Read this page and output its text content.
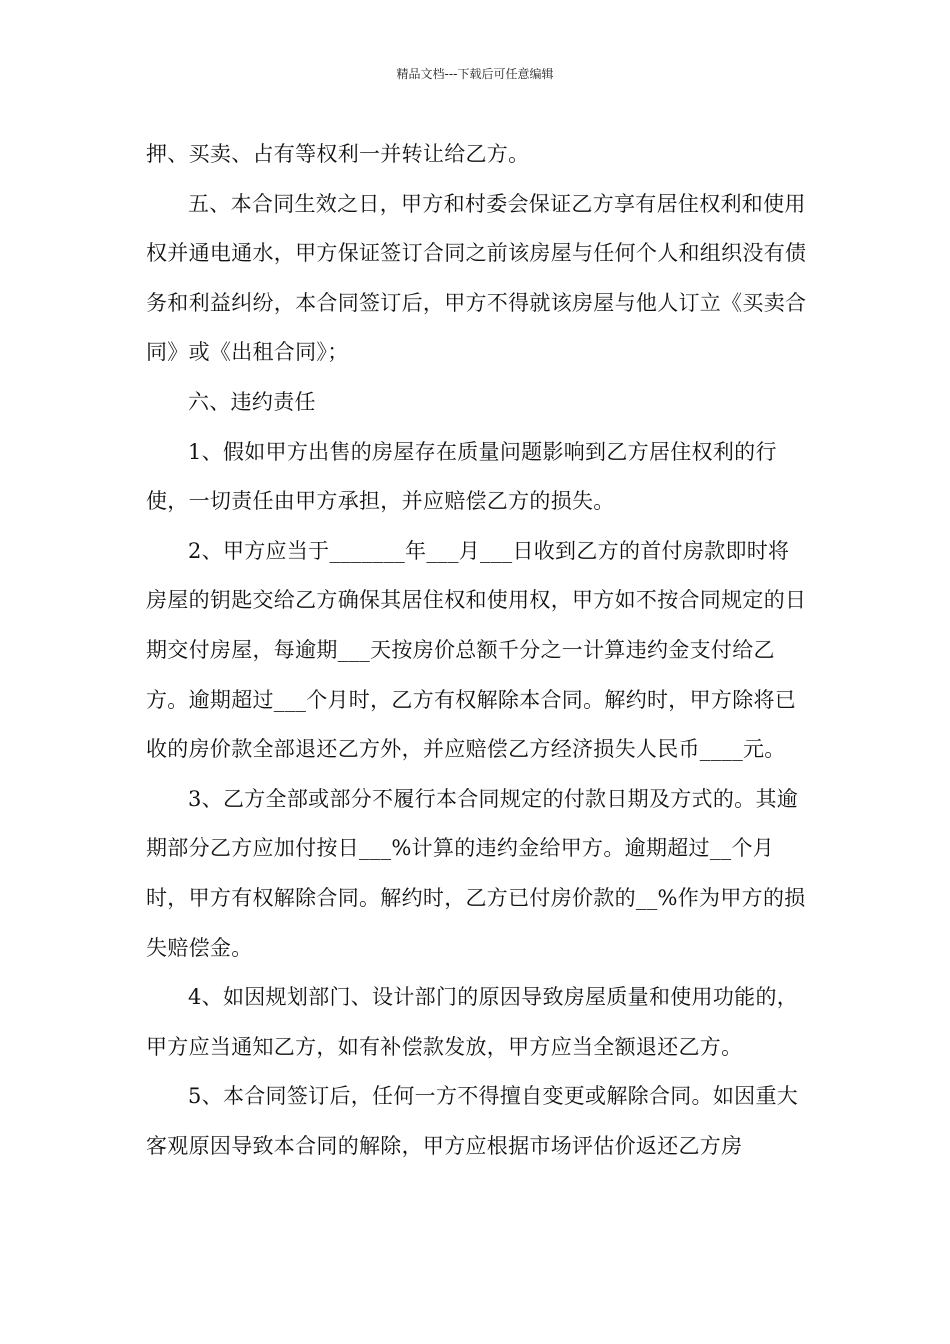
精品文档---下载后可任意编辑

押、买卖、占有等权利一并转让给乙方。

五、本合同生效之日，甲方和村委会保证乙方享有居住权利和使用权并通电通水，甲方保证签订合同之前该房屋与任何个人和组织没有债务和利益纠纷，本合同签订后，甲方不得就该房屋与他人订立《买卖合同》或《出租合同》；

六、违约责任

1、假如甲方出售的房屋存在质量问题影响到乙方居住权利的行使，一切责任由甲方承担，并应赔偿乙方的损失。

2、甲方应当于_______年___月___日收到乙方的首付房款即时将房屋的钥匙交给乙方确保其居住权和使用权，甲方如不按合同规定的日期交付房屋，每逾期___天按房价总额千分之一计算违约金支付给乙方。逾期超过___个月时，乙方有权解除本合同。解约时，甲方除将已收的房价款全部退还乙方外，并应赔偿乙方经济损失人民币____元。

3、乙方全部或部分不履行本合同规定的付款日期及方式的。其逾期部分乙方应加付按日___%计算的违约金给甲方。逾期超过__个月时，甲方有权解除合同。解约时，乙方已付房价款的__%作为甲方的损失赔偿金。

4、如因规划部门、设计部门的原因导致房屋质量和使用功能的，甲方应当通知乙方，如有补偿款发放，甲方应当全额退还乙方。

5、本合同签订后，任何一方不得擅自变更或解除合同。如因重大客观原因导致本合同的解除，甲方应根据市场评估价返还乙方房
